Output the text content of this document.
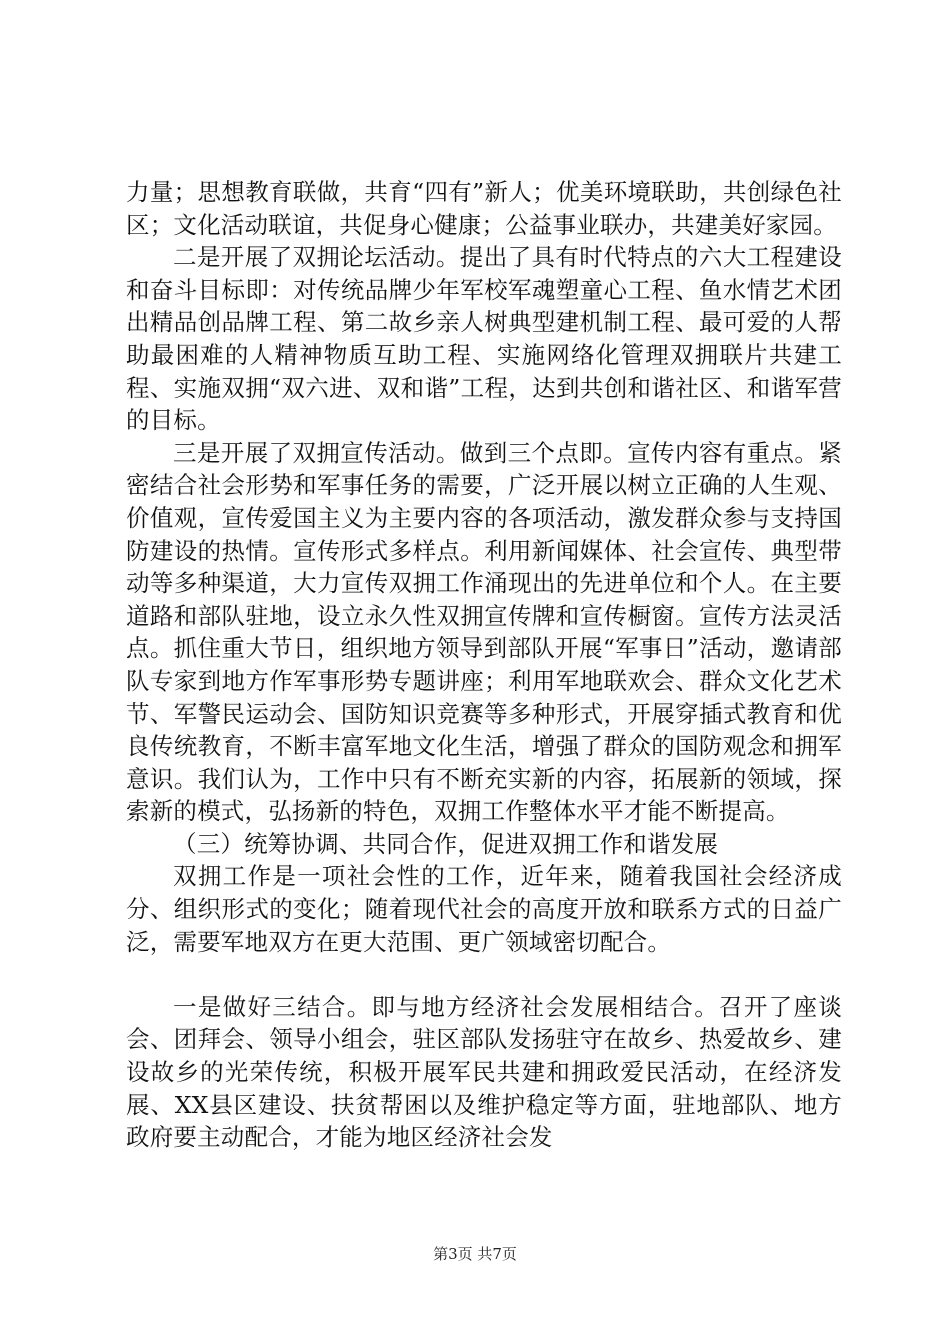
力量；思想教育联做，共育“四有”新人；优美环境联助，共创绿色社区；文化活动联谊，共促身心健康；公益事业联办，共建美好家园。

二是开展了双拥论坛活动。提出了具有时代特点的六大工程建设和奋斗目标即：对传统品牌少年军校军魂塑童心工程、鱼水情艺术团出精品创品牌工程、第二故乡亲人树典型建机制工程、最可爱的人帮助最困难的人精神物质互助工程、实施网络化管理双拥联片共建工程、实施双拥“双六进、双和谐”工程，达到共创和谐社区、和谐军营的目标。

三是开展了双拥宣传活动。做到三个点即。宣传内容有重点。紧密结合社会形势和军事任务的需要，广泛开展以树立正确的人生观、价值观，宣传爱国主义为主要内容的各项活动，激发群众参与支持国防建设的热情。宣传形式多样点。利用新闻媒体、社会宣传、典型带动等多种渠道，大力宣传双拥工作涌现出的先进单位和个人。在主要道路和部队驻地，设立永久性双拥宣传牌和宣传橱窗。宣传方法灵活点。抓住重大节日，组织地方领导到部队开展“军事日”活动，邀请部队专家到地方作军事形势专题讲座；利用军地联欢会、群众文化艺术节、军警民运动会、国防知识竞赛等多种形式，开展穿插式教育和优良传统教育，不断丰富军地文化生活，增强了群众的国防观念和拥军意识。我们认为，工作中只有不断充实新的内容，拓展新的领域，探索新的模式，弘扬新的特色，双拥工作整体水平才能不断提高。

（三）统筹协调、共同合作，促进双拥工作和谐发展

双拥工作是一项社会性的工作，近年来，随着我国社会经济成分、组织形式的变化；随着现代社会的高度开放和联系方式的日益广泛，需要军地双方在更大范围、更广领域密切配合。

一是做好三结合。即与地方经济社会发展相结合。召开了座谈会、团拜会、领导小组会，驻区部队发扬驻守在故乡、热爱故乡、建设故乡的光荣传统，积极开展军民共建和拥政爱民活动，在经济发展、XX县区建设、扶贫帮困以及维护稳定等方面，驻地部队、地方政府要主动配合，才能为地区经济社会发

第3页 共7页
